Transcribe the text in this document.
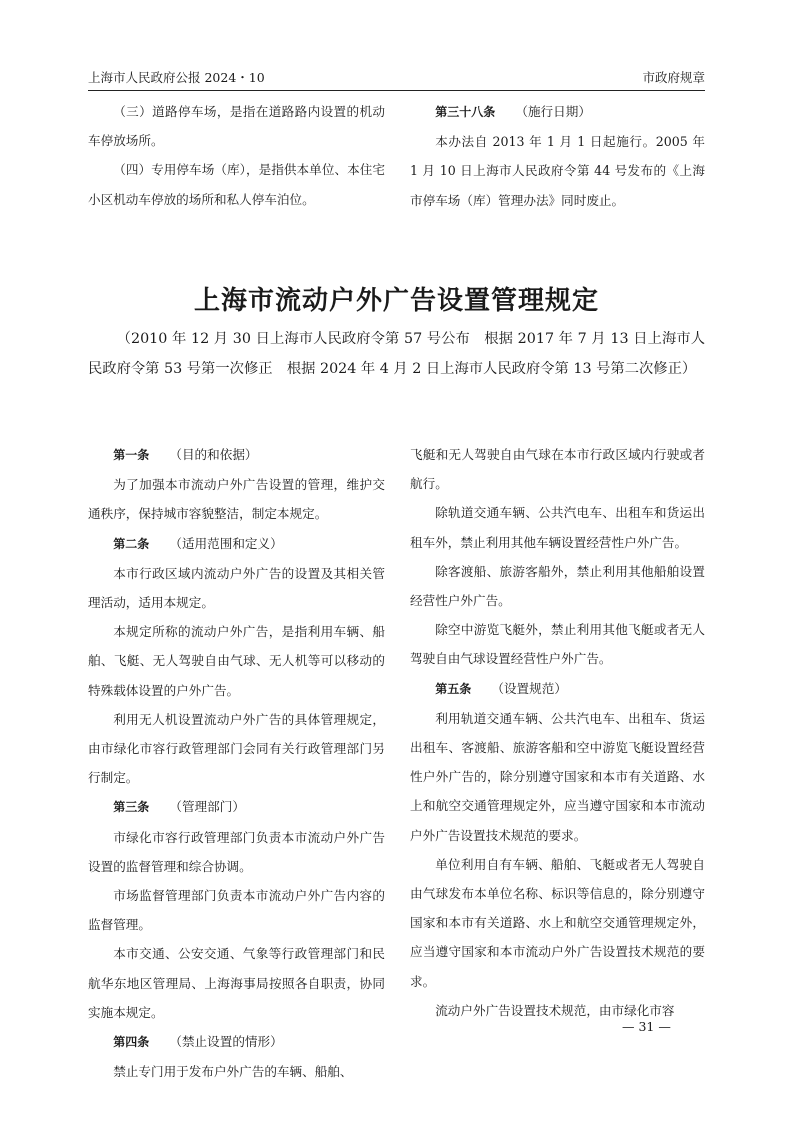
上海市人民政府公报 2024・10	市政府规章

（三）道路停车场，是指在道路路内设置的机动车停放场所。

（四）专用停车场（库），是指供本单位、本住宅小区机动车停放的场所和私人停车泊位。

第三十八条 （施行日期）

本办法自 2013 年 1 月 1 日起施行。2005 年 1 月 10 日上海市人民政府令第 44 号发布的《上海市停车场（库）管理办法》同时废止。

上海市流动户外广告设置管理规定
（2010 年 12 月 30 日上海市人民政府令第 57 号公布　根据 2017 年 7 月 13 日上海市人民政府令第 53 号第一次修正　根据 2024 年 4 月 2 日上海市人民政府令第 13 号第二次修正）

第一条 （目的和依据）

为了加强本市流动户外广告设置的管理，维护交通秩序，保持城市容貌整洁，制定本规定。

第二条 （适用范围和定义）

本市行政区域内流动户外广告的设置及其相关管理活动，适用本规定。

本规定所称的流动户外广告，是指利用车辆、船舶、飞艇、无人驾驶自由气球、无人机等可以移动的特殊载体设置的户外广告。

利用无人机设置流动户外广告的具体管理规定，由市绿化市容行政管理部门会同有关行政管理部门另行制定。

第三条 （管理部门）

市绿化市容行政管理部门负责本市流动户外广告设置的监督管理和综合协调。

市场监督管理部门负责本市流动户外广告内容的监督管理。

本市交通、公安交通、气象等行政管理部门和民航华东地区管理局、上海海事局按照各自职责，协同实施本规定。

第四条 （禁止设置的情形）

禁止专门用于发布户外广告的车辆、船舶、

飞艇和无人驾驶自由气球在本市行政区域内行驶或者航行。

除轨道交通车辆、公共汽电车、出租车和货运出租车外，禁止利用其他车辆设置经营性户外广告。

除客渡船、旅游客船外，禁止利用其他船舶设置经营性户外广告。

除空中游览飞艇外，禁止利用其他飞艇或者无人驾驶自由气球设置经营性户外广告。

第五条 （设置规范）

利用轨道交通车辆、公共汽电车、出租车、货运出租车、客渡船、旅游客船和空中游览飞艇设置经营性户外广告的，除分别遵守国家和本市有关道路、水上和航空交通管理规定外，应当遵守国家和本市流动户外广告设置技术规范的要求。

单位利用自有车辆、船舶、飞艇或者无人驾驶自由气球发布本单位名称、标识等信息的，除分别遵守国家和本市有关道路、水上和航空交通管理规定外，应当遵守国家和本市流动户外广告设置技术规范的要求。

流动户外广告设置技术规范，由市绿化市容

— 31 —
